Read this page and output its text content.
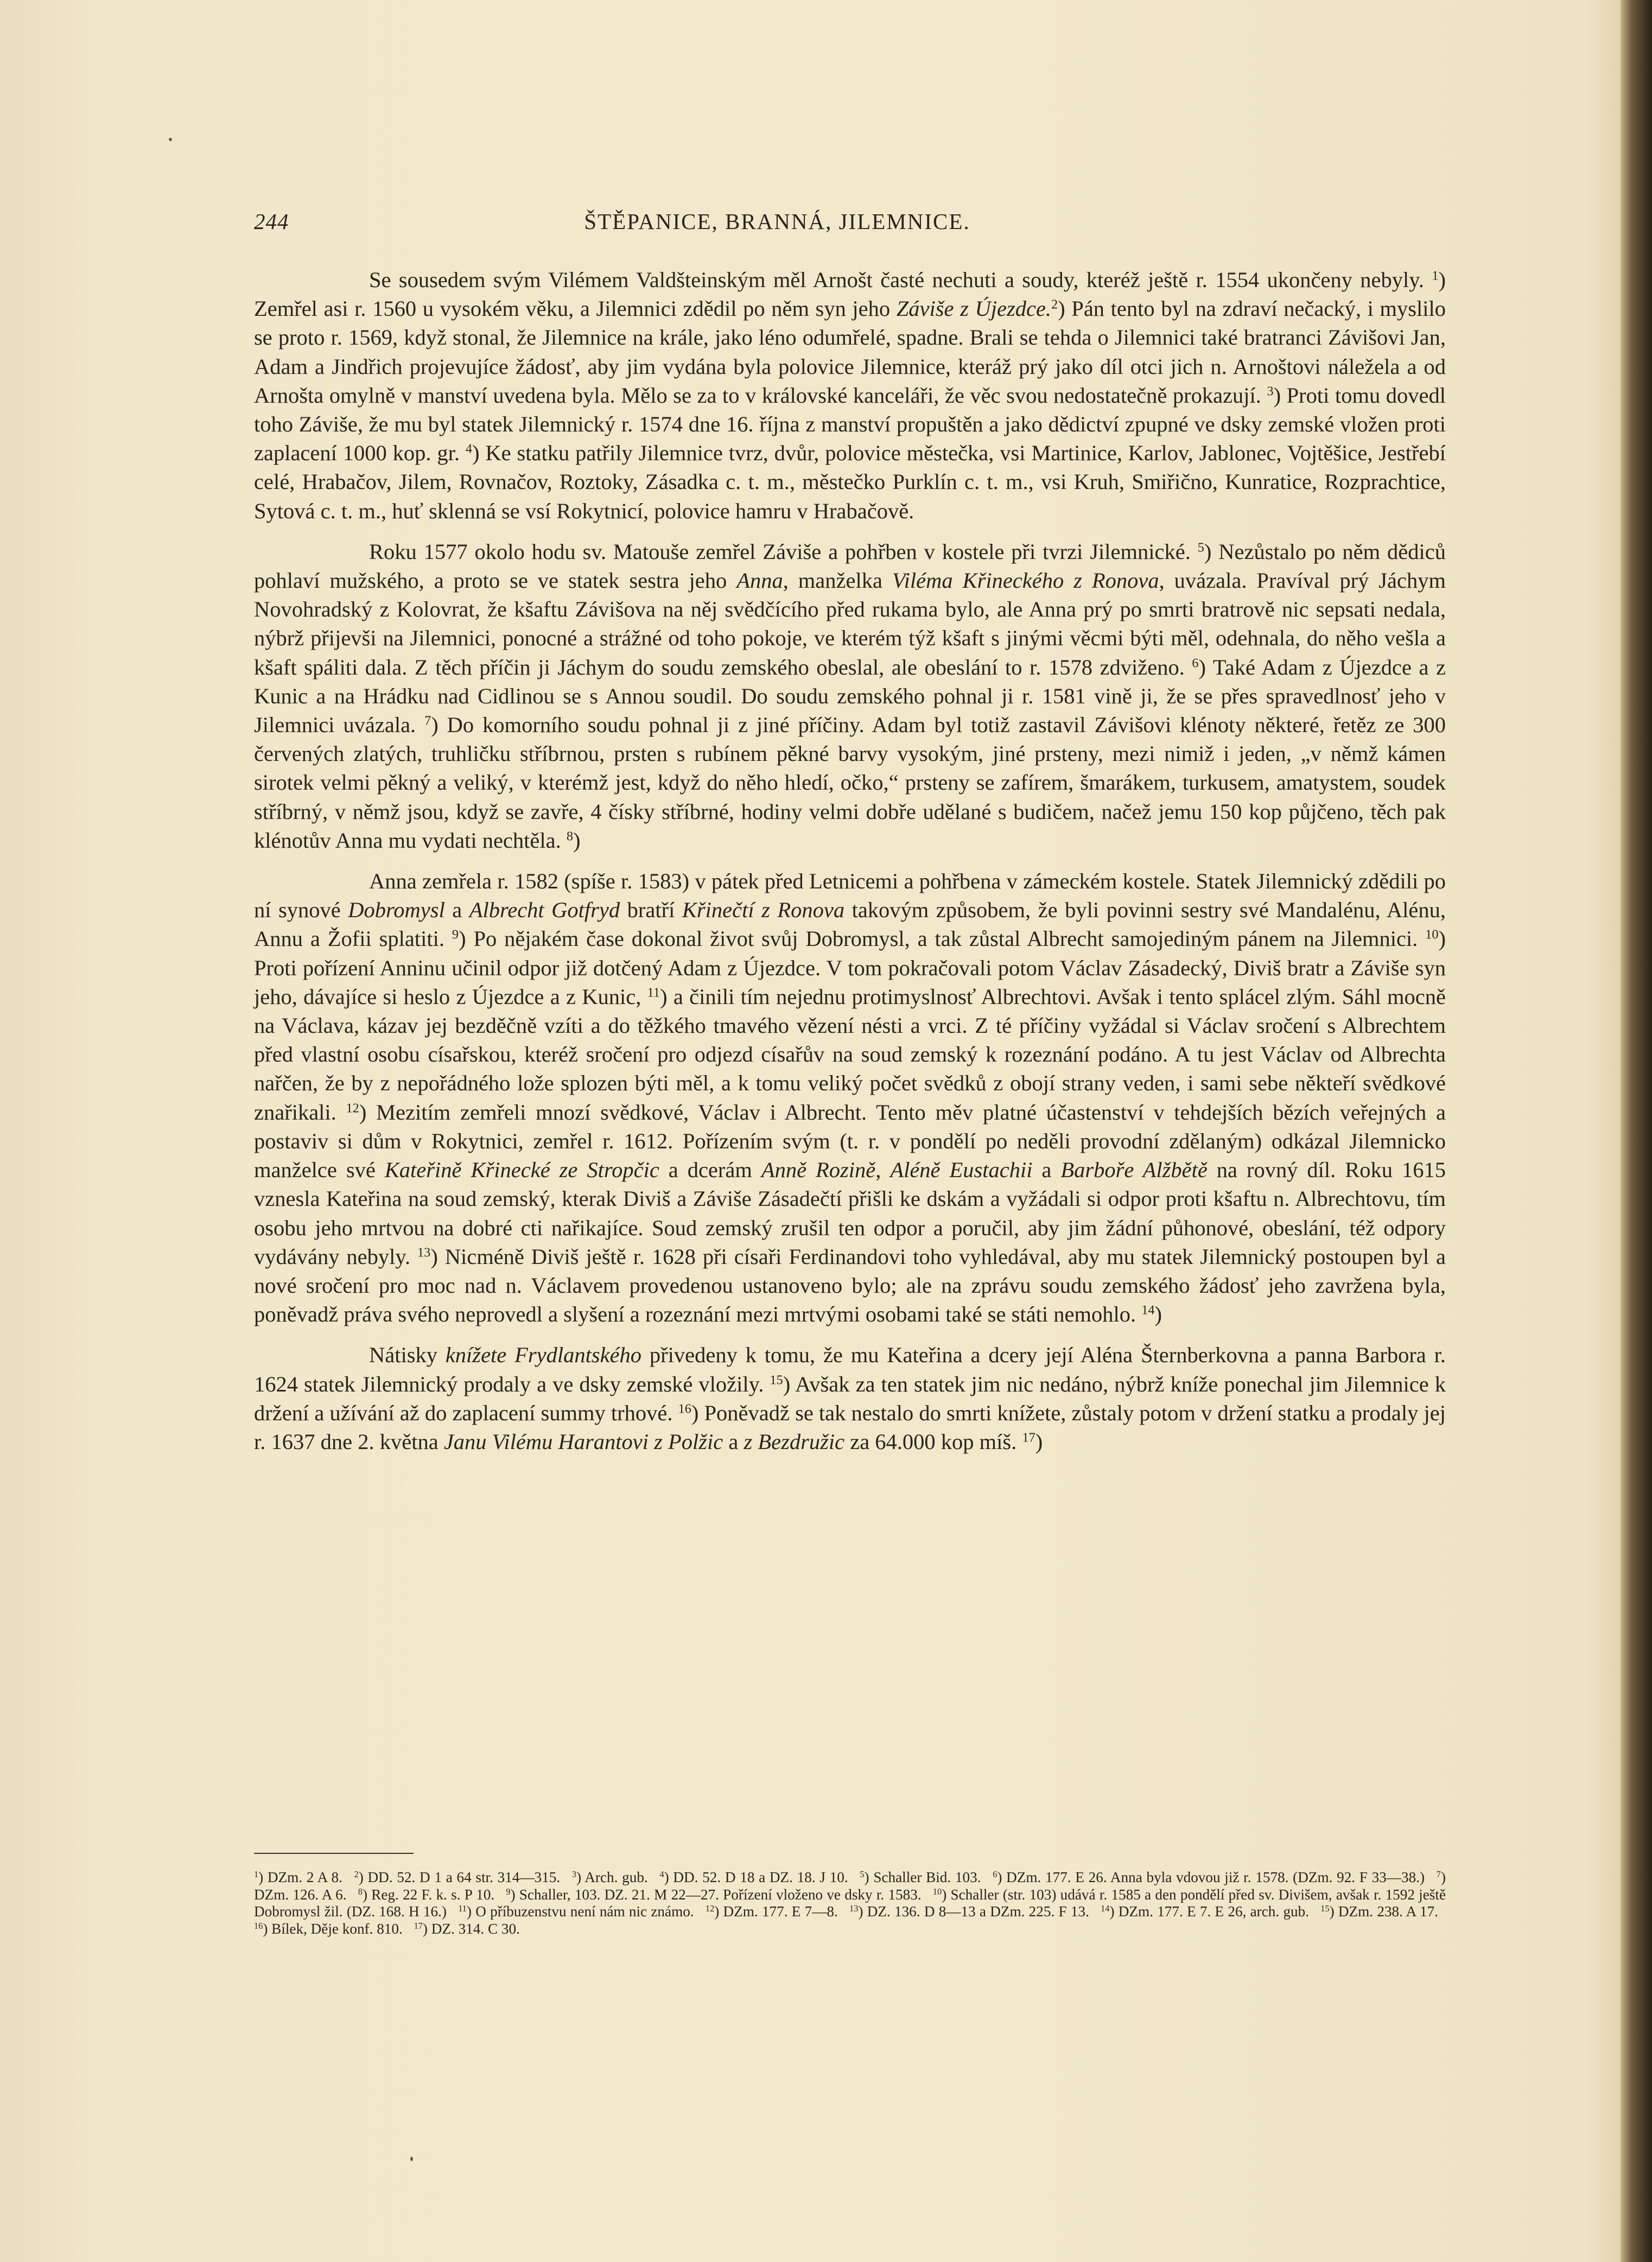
244	ŠTĚPANICE, BRANNÁ, JILEMNICE.

Se sousedem svým Vilémem Valdšteinským měl Arnošt časté nechuti a soudy, kteréž ještě r. 1554 ukončeny nebyly. $^1$) Zemřel asi r. 1560 u vysokém věku, a Jilemnici zdědil po něm syn jeho Záviše z Újezdce.$^2$) Pán tento byl na zdraví nečacký, i myslilo se proto r. 1569, když stonal, že Jilemnice na krále, jako léno odumřelé, spadne. Brali se tehda o Jilemnici také bratranci Závišovi Jan, Adam a Jindřich projevujíce žádosť, aby jim vydána byla polovice Jilemnice, kteráž prý jako díl otci jich n. Arnoštovi náležela a od Arnošta omylně v manství uvedena byla. Mělo se za to v královské kanceláři, že věc svou nedostatečně prokazují. $^3$) Proti tomu dovedl toho Záviše, že mu byl statek Jilemnický r. 1574 dne 16. října z manství propuštěn a jako dědictví zpupné ve dsky zemské vložen proti zaplacení 1000 kop. gr. $^4$) Ke statku patřily Jilemnice tvrz, dvůr, polovice městečka, vsi Martinice, Karlov, Jablonec, Vojtěšice, Jestřebí celé, Hrabačov, Jilem, Rovnačov, Roztoky, Zásadka c. t. m., městečko Purklín c. t. m., vsi Kruh, Smiřično, Kunratice, Rozprachtice, Sytová c. t. m., huť sklenná se vsí Rokytnicí, polovice hamru v Hrabačově.

Roku 1577 okolo hodu sv. Matouše zemřel Záviše a pohřben v kostele při tvrzi Jilemnické. $^5$) Nezůstalo po něm dědiců pohlaví mužského, a proto se ve statek sestra jeho Anna, manželka Viléma Křineckého z Ronova, uvázala. Pravíval prý Jáchym Novohradský z Kolovrat, že kšaftu Závišova na něj svědčícího před rukama bylo, ale Anna prý po smrti bratrově nic sepsati nedala, nýbrž přijevši na Jilemnici, ponocné a strážné od toho pokoje, ve kterém týž kšaft s jinými věcmi býti měl, odehnala, do něho vešla a kšaft spáliti dala. Z těch příčin ji Jáchym do soudu zemského obeslal, ale obeslání to r. 1578 zdviženo. $^6$) Také Adam z Újezdce a z Kunic a na Hrádku nad Cidlinou se s Annou soudil. Do soudu zemského pohnal ji r. 1581 vině ji, že se přes spravedlnosť jeho v Jilemnici uvázala. $^7$) Do komorního soudu pohnal ji z jiné příčiny. Adam byl totiž zastavil Závišovi klénoty některé, řetěz ze 300 červených zlatých, truhličku stříbrnou, prsten s rubínem pěkné barvy vysokým, jiné prsteny, mezi nimiž i jeden, „v němž kámen sirotek velmi pěkný a veliký, v kterémž jest, když do něho hledí, očko,“ prsteny se zafírem, šmarákem, turkusem, amatystem, soudek stříbrný, v němž jsou, když se zavře, 4 čísky stříbrné, hodiny velmi dobře udělané s budičem, načež jemu 150 kop půjčeno, těch pak klénotův Anna mu vydati nechtěla. $^8$)

Anna zemřela r. 1582 (spíše r. 1583) v pátek před Letnicemi a pohřbena v zámeckém kostele. Statek Jilemnický zdědili po ní synové Dobromysl a Albrecht Gotfryd bratří Křinečtí z Ronova takovým způsobem, že byli povinni sestry své Mandalénu, Alénu, Annu a Žofii splatiti. $^9$) Po nějakém čase dokonal život svůj Dobromysl, a tak zůstal Albrecht samojediným pánem na Jilemnici. $^{10}$) Proti pořízení Anninu učinil odpor již dotčený Adam z Újezdce. V tom pokračovali potom Václav Zásadecký, Diviš bratr a Záviše syn jeho, dávajíce si heslo z Újezdce a z Kunic, $^{11}$) a činili tím nejednu protimyslnosť Albrechtovi. Avšak i tento splácel zlým. Sáhl mocně na Václava, kázav jej bezděčně vzíti a do těžkého tmavého vězení nésti a vrci. Z té příčiny vyžádal si Václav sročení s Albrechtem před vlastní osobu císařskou, kteréž sročení pro odjezd císařův na soud zemský k rozeznání podáno. A tu jest Václav od Albrechta nařčen, že by z nepořádného lože splozen býti měl, a k tomu veliký počet svědků z obojí strany veden, i sami sebe někteří svědkové znařikali. $^{12}$) Mezitím zemřeli mnozí svědkové, Václav i Albrecht. Tento měv platné účastenství v tehdejších bězích veřejných a postaviv si dům v Rokytnici, zemřel r. 1612. Pořízením svým (t. r. v pondělí po neděli provodní zdělaným) odkázal Jilemnicko manželce své Kateřině Křinecké ze Stropčic a dcerám Anně Rozině, Aléně Eustachii a Barboře Alžbětě na rovný díl. Roku 1615 vznesla Kateřina na soud zemský, kterak Diviš a Záviše Zásadečtí přišli ke dskám a vyžádali si odpor proti kšaftu n. Albrechtovu, tím osobu jeho mrtvou na dobré cti nařikajíce. Soud zemský zrušil ten odpor a poručil, aby jim žádní půhonové, obeslání, též odpory vydávány nebyly. $^{13}$) Nicméně Diviš ještě r. 1628 při císaři Ferdinandovi toho vyhledával, aby mu statek Jilemnický postoupen byl a nové sročení pro moc nad n. Václavem provedenou ustanoveno bylo; ale na zprávu soudu zemského žádosť jeho zavržena byla, poněvadž práva svého neprovedl a slyšení a rozeznání mezi mrtvými osobami také se státi nemohlo. $^{14}$)

Nátisky knížete Frydlantského přivedeny k tomu, že mu Kateřina a dcery její Aléna Šternberkovna a panna Barbora r. 1624 statek Jilemnický prodaly a ve dsky zemské vložily. $^{15}$) Avšak za ten statek jim nic nedáno, nýbrž kníže ponechal jim Jilemnice k držení a užívání až do zaplacení summy trhové. $^{16}$) Poněvadž se tak nestalo do smrti knížete, zůstaly potom v držení statku a prodaly jej r. 1637 dne 2. května Janu Vilému Harantovi z Polžic a z Bezdružic za 64.000 kop míš. $^{17}$)

$^1$) DZm. 2 A 8. $^2$) DD. 52. D 1 a 64 str. 314—315. $^3$) Arch. gub. $^4$) DD. 52. D 18 a DZ. 18. J 10. $^5$) Schaller Bid. 103. $^6$) DZm. 177. E 26. Anna byla vdovou již r. 1578. (DZm. 92. F 33—38.) $^7$) DZm. 126. A 6. $^8$) Reg. 22 F. k. s. P 10. $^9$) Schaller, 103. DZ. 21. M 22—27. Pořízení vloženo ve dsky r. 1583. $^{10}$) Schaller (str. 103) udává r. 1585 a den pondělí před sv. Divišem, avšak r. 1592 ještě Dobromysl žil. (DZ. 168. H 16.) $^{11}$) O příbuzenstvu není nám nic známo. $^{12}$) DZm. 177. E 7—8. $^{13}$) DZ. 136. D 8—13 a DZm. 225. F 13. $^{14}$) DZm. 177. E 7. E 26, arch. gub. $^{15}$) DZm. 238. A 17. $^{16}$) Bílek, Děje konf. 810. $^{17}$) DZ. 314. C 30.
